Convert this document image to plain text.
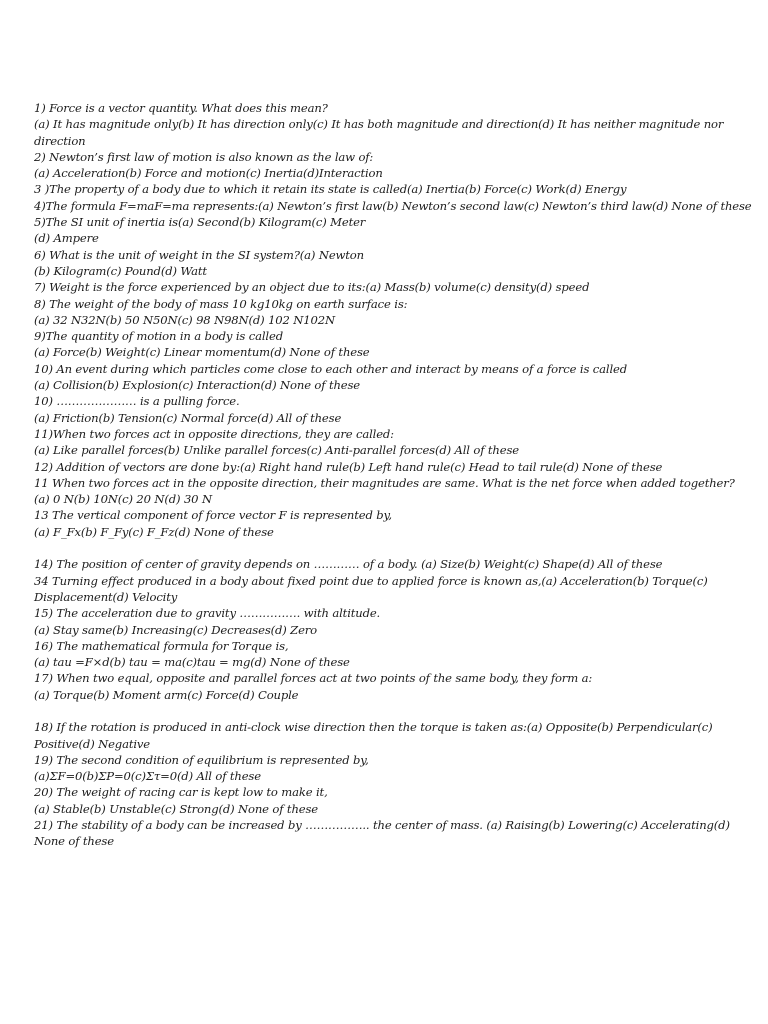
1) Force is a vector quantity. What does this mean?
(a) It has magnitude only(b) It has direction only(c) It has both magnitude and direction(d) It has neither magnitude nor direction
2) Newton’s first law of motion is also known as the law of:
(a) Acceleration(b) Force and motion(c) Inertia(d)Interaction
3 )The property of a body due to which it retain its state is called(a) Inertia(b) Force(c) Work(d) Energy
4)The formula F=maF=ma represents:(a) Newton’s first law(b) Newton’s second law(c) Newton’s third law(d) None of these
5)The SI unit of inertia is(a) Second(b) Kilogram(c) Meter
(d) Ampere
6) What is the unit of weight in the SI system?(a) Newton
(b) Kilogram(c) Pound(d) Watt
7) Weight is the force experienced by an object due to its:(a) Mass(b) volume(c) density(d) speed
8) The weight of the body of mass 10 kg10kg on earth surface is:
(a) 32 N32N(b) 50 N50N(c) 98 N98N(d) 102 N102N
9)The quantity of motion in a body is called
(a) Force(b) Weight(c) Linear momentum(d) None of these
10) An event during which particles come close to each other and interact by means of a force is called
(a) Collision(b) Explosion(c) Interaction(d) None of these
10) ………………… is a pulling force.
(a) Friction(b) Tension(c) Normal force(d) All of these
11)When two forces act in opposite directions, they are called:
(a) Like parallel forces(b) Unlike parallel forces(c) Anti-parallel forces(d) All of these
12) Addition of vectors are done by:(a) Right hand rule(b) Left hand rule(c) Head to tail rule(d) None of these
11 When two forces act in the opposite direction, their magnitudes are same. What is the net force when added together?
(a) 0 N(b) 10N(c) 20 N(d) 30 N
13 The vertical component of force vector F is represented by,
(a) F_Fx(b) F_Fy(c) F_Fz(d) None of these
14) The position of center of gravity depends on ………… of a body. (a) Size(b) Weight(c) Shape(d) All of these
34 Turning effect produced in a body about fixed point due to applied force is known as,(a) Acceleration(b) Torque(c) Displacement(d) Velocity
15) The acceleration due to gravity ……………. with altitude.
(a) Stay same(b) Increasing(c) Decreases(d) Zero
16) The mathematical formula for Torque is,
(a) tau =F×d(b) tau = ma(c)tau = mg(d) None of these
17) When two equal, opposite and parallel forces act at two points of the same body, they form a:
(a) Torque(b) Moment arm(c) Force(d) Couple
18) If the rotation is produced in anti-clock wise direction then the torque is taken as:(a) Opposite(b) Perpendicular(c) Positive(d) Negative
19) The second condition of equilibrium is represented by,
(a)ΣF=0(b)ΣP=0(c)Στ=0(d) All of these
20) The weight of racing car is kept low to make it,
(a) Stable(b) Unstable(c) Strong(d) None of these
21) The stability of a body can be increased by …………….. the center of mass. (a) Raising(b) Lowering(c) Accelerating(d) None of these
